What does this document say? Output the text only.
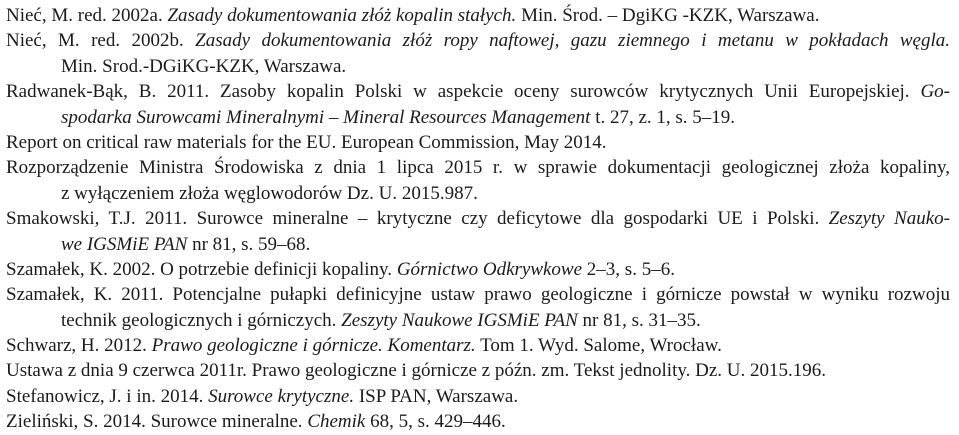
Nieć, M. red. 2002a. Zasady dokumentowania złóż kopalin stałych. Min. Środ. – DgiKG -KZK, Warszawa.
Nieć, M. red. 2002b. Zasady dokumentowania złóż ropy naftowej, gazu ziemnego i metanu w pokładach węgla.
Min. Srod.-DGiKG-KZK, Warszawa.
Radwanek-Bąk, B. 2011. Zasoby kopalin Polski w aspekcie oceny surowców krytycznych Unii Europejskiej. Go-
spodarka Surowcami Mineralnymi – Mineral Resources Management t. 27, z. 1, s. 5–19.
Report on critical raw materials for the EU. European Commission, May 2014.
Rozporządzenie Ministra Środowiska z dnia 1 lipca 2015 r. w sprawie dokumentacji geologicznej złoża kopaliny,
z wyłączeniem złoża węglowodorów Dz. U. 2015.987.
Smakowski, T.J. 2011. Surowce mineralne – krytyczne czy deficytowe dla gospodarki UE i Polski. Zeszyty Nauko-
we IGSMiE PAN nr 81, s. 59–68.
Szamałek, K. 2002. O potrzebie definicji kopaliny. Górnictwo Odkrywkowe 2–3, s. 5–6.
Szamałek, K. 2011. Potencjalne pułapki definicyjne ustaw prawo geologiczne i górnicze powstał w wyniku rozwoju
technik geologicznych i górniczych. Zeszyty Naukowe IGSMiE PAN nr 81, s. 31–35.
Schwarz, H. 2012. Prawo geologiczne i górnicze. Komentarz. Tom 1. Wyd. Salome, Wrocław.
Ustawa z dnia 9 czerwca 2011r. Prawo geologiczne i górnicze z późn. zm. Tekst jednolity. Dz. U. 2015.196.
Stefanowicz, J. i in. 2014. Surowce krytyczne. ISP PAN, Warszawa.
Zieliński, S. 2014. Surowce mineralne. Chemik 68, 5, s. 429–446.
